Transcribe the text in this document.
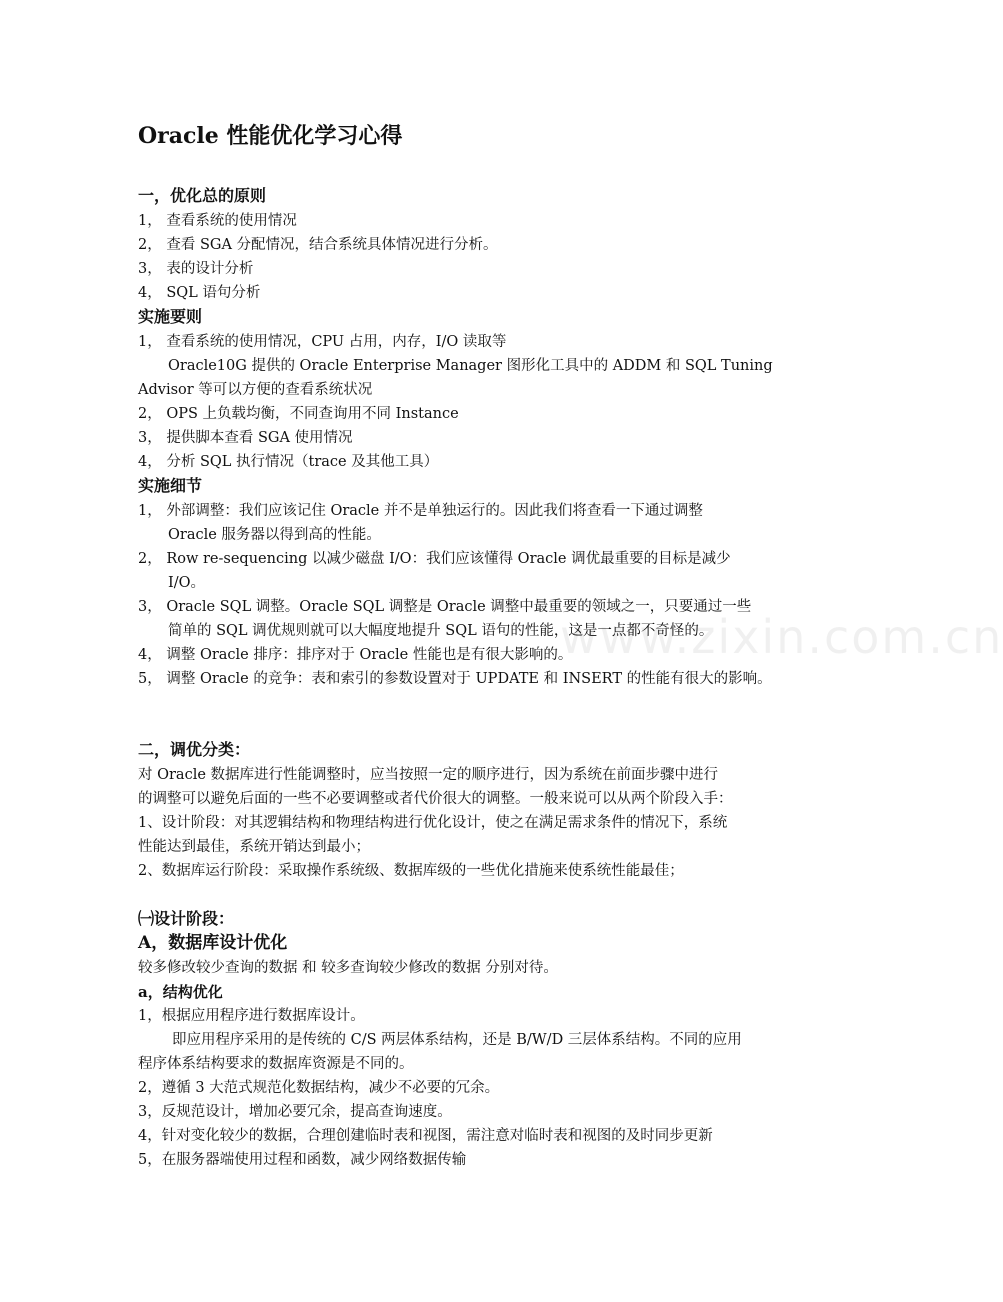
www.zixin.com.cn
Oracle 性能优化学习心得
一，优化总的原则
1， 查看系统的使用情况
2， 查看 SGA 分配情况，结合系统具体情况进行分析。
3， 表的设计分析
4， SQL 语句分析
实施要则
1， 查看系统的使用情况，CPU 占用，内存，I/O 读取等
Oracle10G 提供的 Oracle Enterprise Manager 图形化工具中的 ADDM 和 SQL Tuning
Advisor 等可以方便的查看系统状况
2， OPS 上负载均衡，不同查询用不同 Instance
3， 提供脚本查看 SGA 使用情况
4， 分析 SQL 执行情况（trace 及其他工具）
实施细节
1， 外部调整：我们应该记住 Oracle 并不是单独运行的。因此我们将查看一下通过调整
Oracle 服务器以得到高的性能。
2， Row re-sequencing 以减少磁盘 I/O：我们应该懂得 Oracle 调优最重要的目标是减少
I/O。
3， Oracle SQL 调整。Oracle SQL 调整是 Oracle 调整中最重要的领域之一，只要通过一些
简单的 SQL 调优规则就可以大幅度地提升 SQL 语句的性能，这是一点都不奇怪的。
4， 调整 Oracle 排序：排序对于 Oracle 性能也是有很大影响的。
5， 调整 Oracle 的竞争：表和索引的参数设置对于 UPDATE 和 INSERT 的性能有很大的影响。
二，调优分类：
对 Oracle 数据库进行性能调整时，应当按照一定的顺序进行，因为系统在前面步骤中进行
的调整可以避免后面的一些不必要调整或者代价很大的调整。一般来说可以从两个阶段入手：
1、设计阶段：对其逻辑结构和物理结构进行优化设计，使之在满足需求条件的情况下，系统
性能达到最佳，系统开销达到最小；
2、数据库运行阶段：采取操作系统级、数据库级的一些优化措施来使系统性能最佳；
㈠设计阶段：
A，数据库设计优化
较多修改较少查询的数据 和 较多查询较少修改的数据 分别对待。
a，结构优化
1，根据应用程序进行数据库设计。
即应用程序采用的是传统的 C/S 两层体系结构，还是 B/W/D 三层体系结构。不同的应用
程序体系结构要求的数据库资源是不同的。
2，遵循 3 大范式规范化数据结构，减少不必要的冗余。
3，反规范设计，增加必要冗余，提高查询速度。
4，针对变化较少的数据，合理创建临时表和视图，需注意对临时表和视图的及时同步更新
5，在服务器端使用过程和函数，减少网络数据传输
